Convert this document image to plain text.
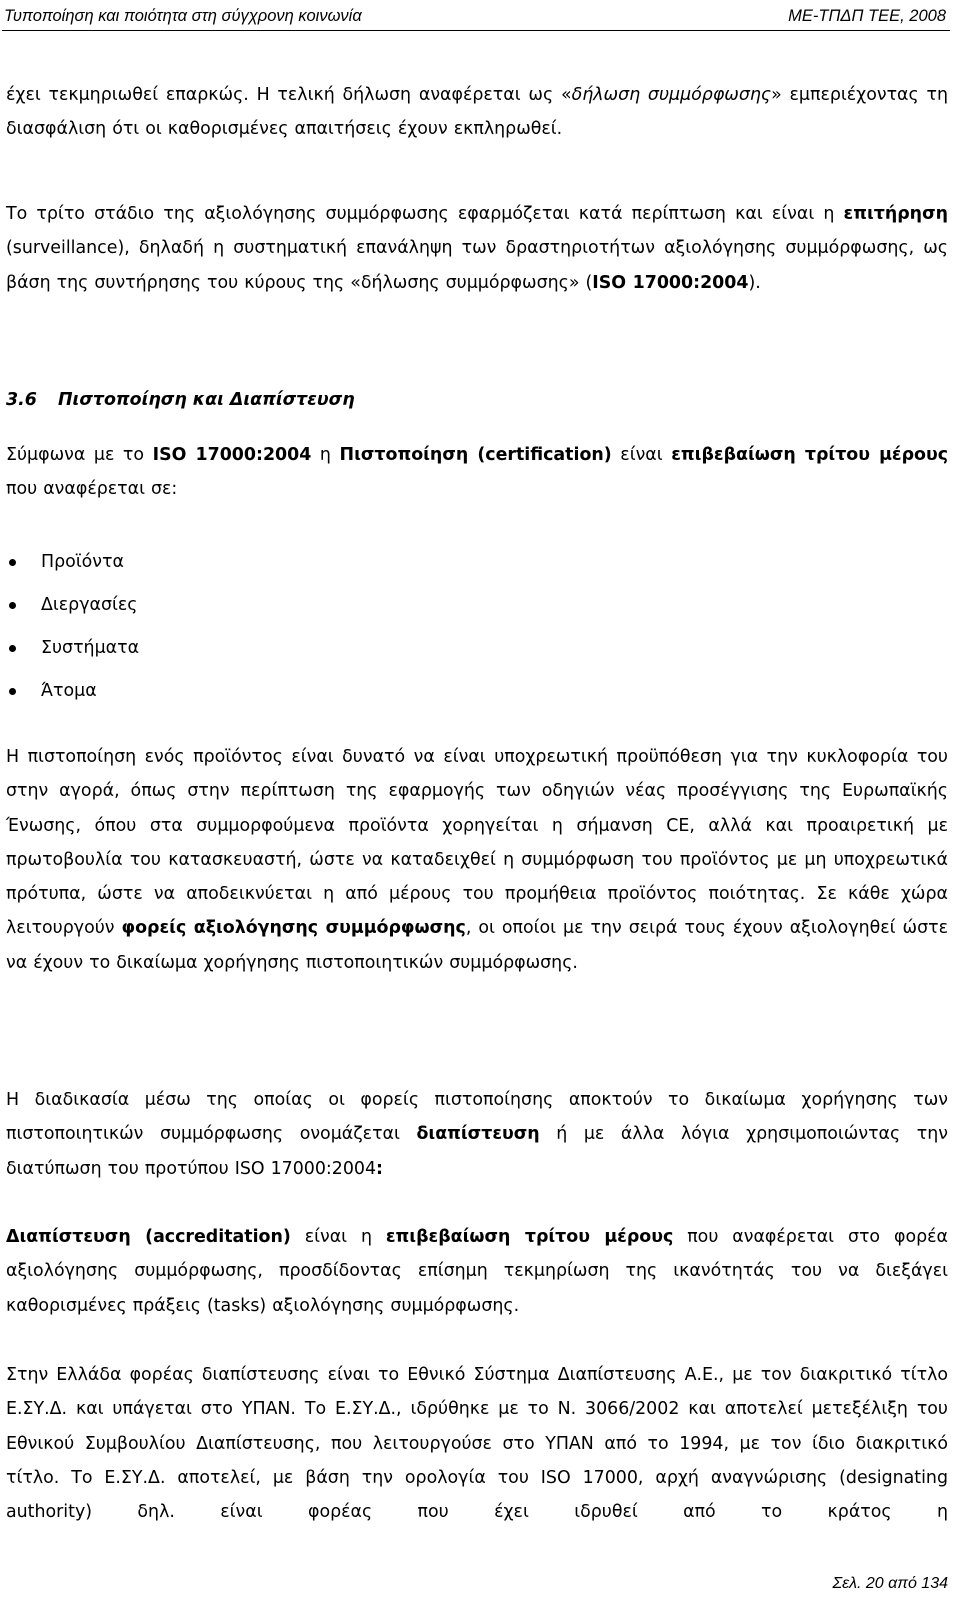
Τυποποίηση και ποιότητα στη σύγχρονη κοινωνία	ΜΕ-ΤΠΔΠ ΤΕΕ, 2008

έχει τεκμηριωθεί επαρκώς. Η τελική δήλωση αναφέρεται ως «δήλωση συμμόρφωσης» εμπεριέχοντας τη διασφάλιση ότι οι καθορισμένες απαιτήσεις έχουν εκπληρωθεί.

Το τρίτο στάδιο της αξιολόγησης συμμόρφωσης εφαρμόζεται κατά περίπτωση και είναι η επιτήρηση (surveillance), δηλαδή η συστηματική επανάληψη των δραστηριοτήτων αξιολόγησης συμμόρφωσης, ως βάση της συντήρησης του κύρους της «δήλωσης συμμόρφωσης» (ISO 17000:2004).

3.6 Πιστοποίηση και Διαπίστευση

Σύμφωνα με το ISO 17000:2004 η Πιστοποίηση (certification) είναι επιβεβαίωση τρίτου μέρους που αναφέρεται σε:

Προϊόντα
Διεργασίες
Συστήματα
Άτομα

Η πιστοποίηση ενός προϊόντος είναι δυνατό να είναι υποχρεωτική προϋπόθεση για την κυκλοφορία του στην αγορά, όπως στην περίπτωση της εφαρμογής των οδηγιών νέας προσέγγισης της Ευρωπαϊκής Ένωσης, όπου στα συμμορφούμενα προϊόντα χορηγείται η σήμανση CE, αλλά και προαιρετική με πρωτοβουλία του κατασκευαστή, ώστε να καταδειχθεί η συμμόρφωση του προϊόντος με μη υποχρεωτικά πρότυπα, ώστε να αποδεικνύεται η από μέρους του προμήθεια προϊόντος ποιότητας. Σε κάθε χώρα λειτουργούν φορείς αξιολόγησης συμμόρφωσης, οι οποίοι με την σειρά τους έχουν αξιολογηθεί ώστε να έχουν το δικαίωμα χορήγησης πιστοποιητικών συμμόρφωσης.

Η διαδικασία μέσω της οποίας οι φορείς πιστοποίησης αποκτούν το δικαίωμα χορήγησης των πιστοποιητικών συμμόρφωσης ονομάζεται διαπίστευση ή με άλλα λόγια χρησιμοποιώντας την διατύπωση του προτύπου ISO 17000:2004:

Διαπίστευση (accreditation) είναι η επιβεβαίωση τρίτου μέρους που αναφέρεται στο φορέα αξιολόγησης συμμόρφωσης, προσδίδοντας επίσημη τεκμηρίωση της ικανότητάς του να διεξάγει καθορισμένες πράξεις (tasks) αξιολόγησης συμμόρφωσης.

Στην Ελλάδα φορέας διαπίστευσης είναι το Εθνικό Σύστημα Διαπίστευσης Α.Ε., με τον διακριτικό τίτλο Ε.ΣΥ.Δ. και υπάγεται στο ΥΠΑΝ. Το Ε.ΣΥ.Δ., ιδρύθηκε με το Ν. 3066/2002 και αποτελεί μετεξέλιξη του Εθνικού Συμβουλίου Διαπίστευσης, που λειτουργούσε στο ΥΠΑΝ από το 1994, με τον ίδιο διακριτικό τίτλο. Το Ε.ΣΥ.Δ. αποτελεί, με βάση την ορολογία του ISO 17000, αρχή αναγνώρισης (designating authority) δηλ. είναι φορέας που έχει ιδρυθεί από το κράτος η

Σελ. 20 από 134
